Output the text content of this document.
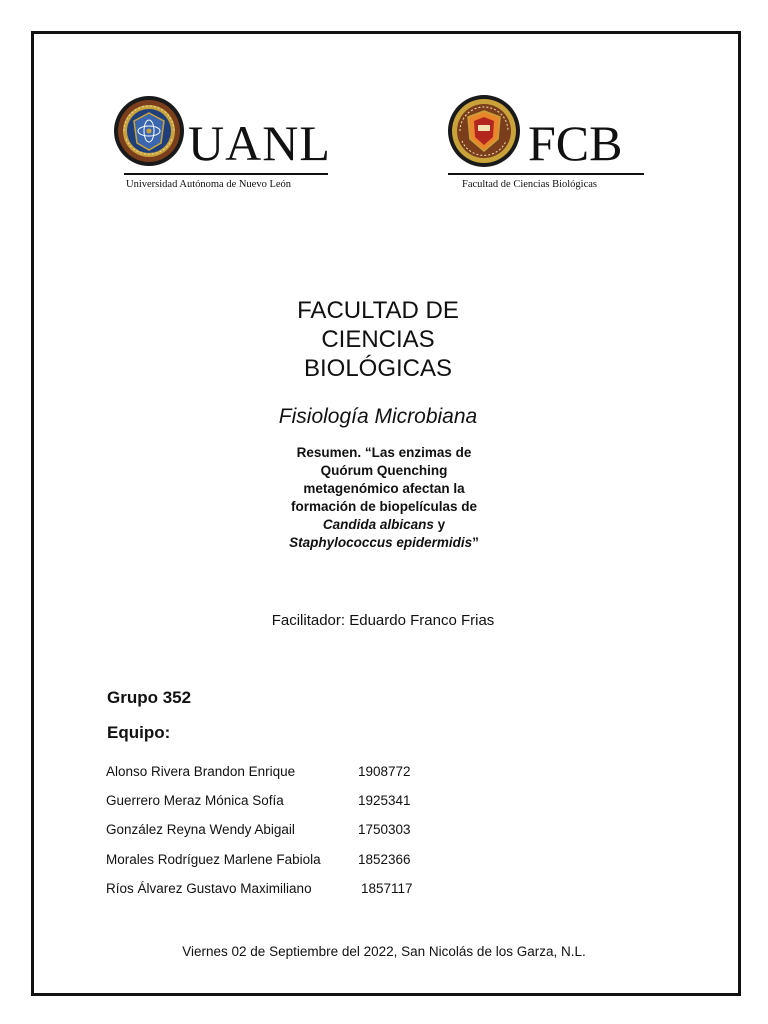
UANL
Universidad Autónoma de Nuevo León
FCB
Facultad de Ciencias Biológicas
FACULTAD DE
CIENCIAS
BIOLÓGICAS

Fisiología Microbiana

Resumen. “Las enzimas de
Quórum Quenching
metagenómico afectan la
formación de biopelículas de
Candida albicans y
Staphylococcus epidermidis”

Facilitador: Eduardo Franco Frias

Grupo 352

Equipo:

Alonso Rivera Brandon Enrique	1908772
Guerrero Meraz Mónica Sofía	1925341
González Reyna Wendy Abigail	1750303
Morales Rodríguez Marlene Fabiola	1852366
Ríos Álvarez Gustavo Maximiliano	1857117

Viernes 02 de Septiembre del 2022, San Nicolás de los Garza, N.L.
